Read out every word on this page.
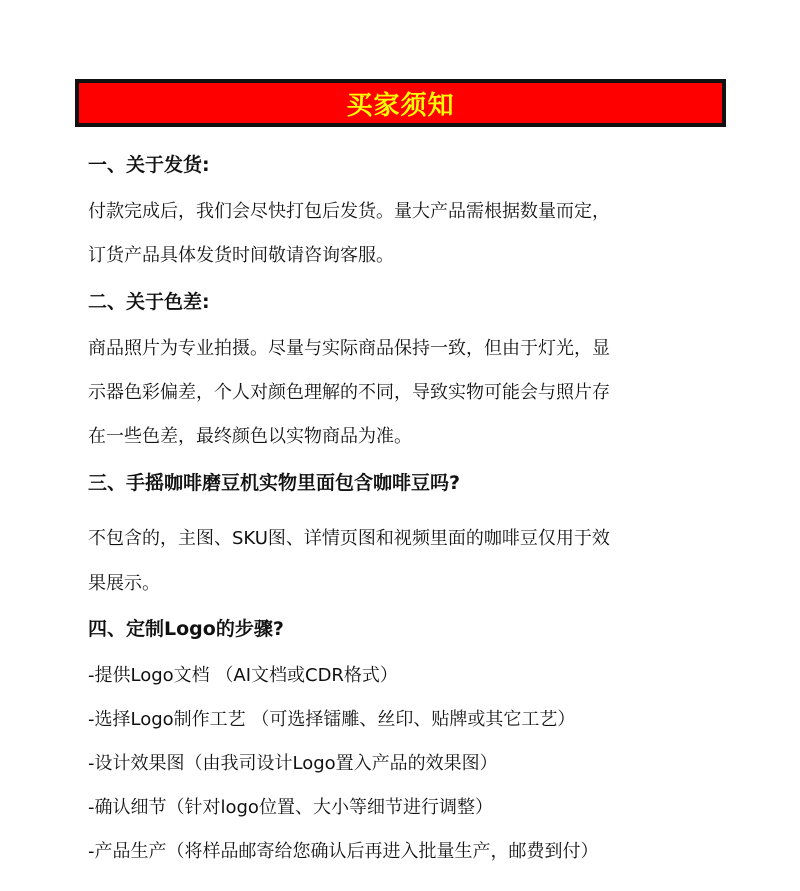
买家须知
一、关于发货:
付款完成后，我们会尽快打包后发货。量大产品需根据数量而定，
订货产品具体发货时间敬请咨询客服。
二、关于色差:
商品照片为专业拍摄。尽量与实际商品保持一致，但由于灯光，显
示器色彩偏差，个人对颜色理解的不同，导致实物可能会与照片存
在一些色差，最终颜色以实物商品为准。
三、手摇咖啡磨豆机实物里面包含咖啡豆吗?
不包含的，主图、SKU图、详情页图和视频里面的咖啡豆仅用于效
果展示。
四、定制Logo的步骤?
-提供Logo文档 （AI文档或CDR格式）
-选择Logo制作工艺 （可选择镭雕、丝印、贴牌或其它工艺）
-设计效果图（由我司设计Logo置入产品的效果图）
-确认细节（针对logo位置、大小等细节进行调整）
-产品生产（将样品邮寄给您确认后再进入批量生产，邮费到付）
